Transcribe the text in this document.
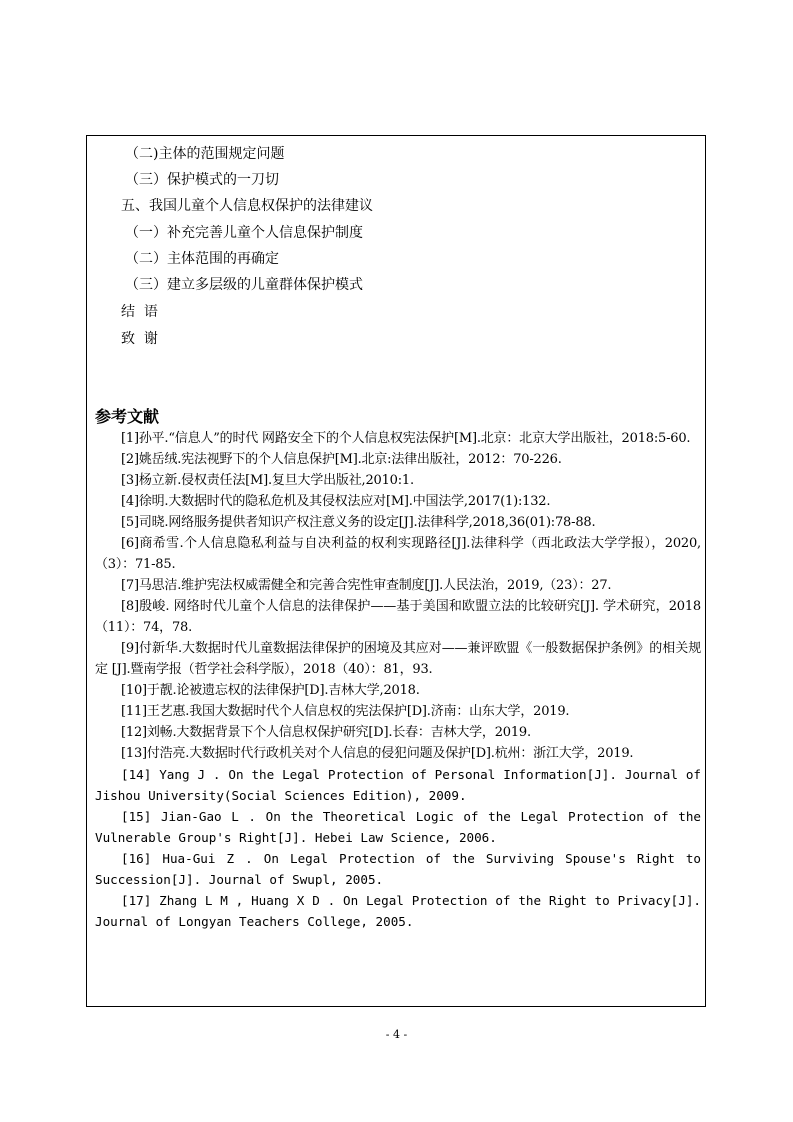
（二)主体的范围规定问题
（三）保护模式的一刀切
五、我国儿童个人信息权保护的法律建议
（一）补充完善儿童个人信息保护制度
（二）主体范围的再确定
（三）建立多层级的儿童群体保护模式
结  语
致  谢
参考文献

[1]孙平.“信息人”的时代 网路安全下的个人信息权宪法保护[M].北京：北京大学出版社，2018:5-60.

[2]姚岳绒.宪法视野下的个人信息保护[M].北京:法律出版社，2012：70-226.

[3]杨立新.侵权责任法[M].复旦大学出版社,2010:1.

[4]徐明.大数据时代的隐私危机及其侵权法应对[M].中国法学,2017(1):132.

[5]司晓.网络服务提供者知识产权注意义务的设定[J].法律科学,2018,36(01):78-88.

[6]商希雪.个人信息隐私利益与自决利益的权利实现路径[J].法律科学（西北政法大学学报），2020,（3）：71-85.

[7]马思洁.维护宪法权威需健全和完善合宪性审查制度[J].人民法治，2019,（23）：27.

[8]殷峻. 网络时代儿童个人信息的法律保护——基于美国和欧盟立法的比较研究[J]. 学术研究，2018（11）：74，78.

[9]付新华.大数据时代儿童数据法律保护的困境及其应对——兼评欧盟《一般数据保护条例》的相关规定 [J].暨南学报（哲学社会科学版），2018（40）：81，93.

[10]于靓.论被遗忘权的法律保护[D].吉林大学,2018.

[11]王艺惠.我国大数据时代个人信息权的宪法保护[D].济南：山东大学，2019.

[12]刘畅.大数据背景下个人信息权保护研究[D].长春：吉林大学，2019.

[13]付浩亮.大数据时代行政机关对个人信息的侵犯问题及保护[D].杭州：浙江大学，2019.

[14] Yang J . On the Legal Protection of Personal Information[J]. Journal of Jishou University(Social Sciences Edition), 2009.

[15] Jian-Gao L . On the Theoretical Logic of the Legal Protection of the Vulnerable Group's Right[J]. Hebei Law Science, 2006.

[16] Hua-Gui Z . On Legal Protection of the Surviving Spouse's Right to Succession[J]. Journal of Swupl, 2005.

[17] Zhang L M , Huang X D . On Legal Protection of the Right to Privacy[J]. Journal of Longyan Teachers College, 2005.

- 4 -
